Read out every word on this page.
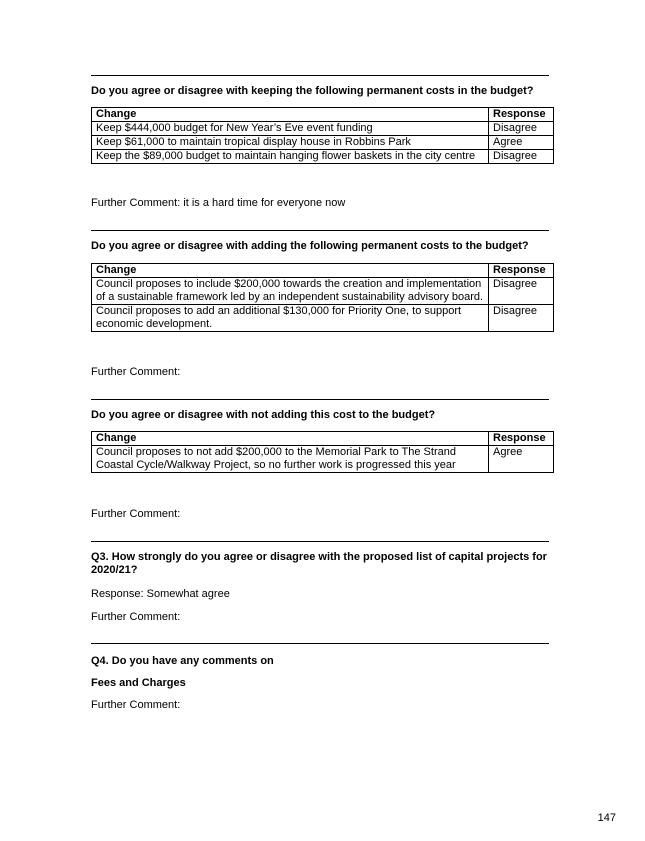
Do you agree or disagree with keeping the following permanent costs in the budget?
Change	Response
Keep $444,000 budget for New Year’s Eve event funding	Disagree
Keep $61,000 to maintain tropical display house in Robbins Park	Agree
Keep the $89,000 budget to maintain hanging flower baskets in the city centre	Disagree
Further Comment: it is a hard time for everyone now
Do you agree or disagree with adding the following permanent costs to the budget?
Change	Response
Council proposes to include $200,000 towards the creation and implementation of a sustainable framework led by an independent sustainability advisory board.	Disagree
Council proposes to add an additional $130,000 for Priority One, to support economic development.	Disagree
Further Comment:
Do you agree or disagree with not adding this cost to the budget?
Change	Response
Council proposes to not add $200,000 to the Memorial Park to The Strand Coastal Cycle/Walkway Project, so no further work is progressed this year	Agree
Further Comment:
Q3. How strongly do you agree or disagree with the proposed list of capital projects for 2020/21?
Response: Somewhat agree
Further Comment:
Q4. Do you have any comments on
Fees and Charges
Further Comment:
147
